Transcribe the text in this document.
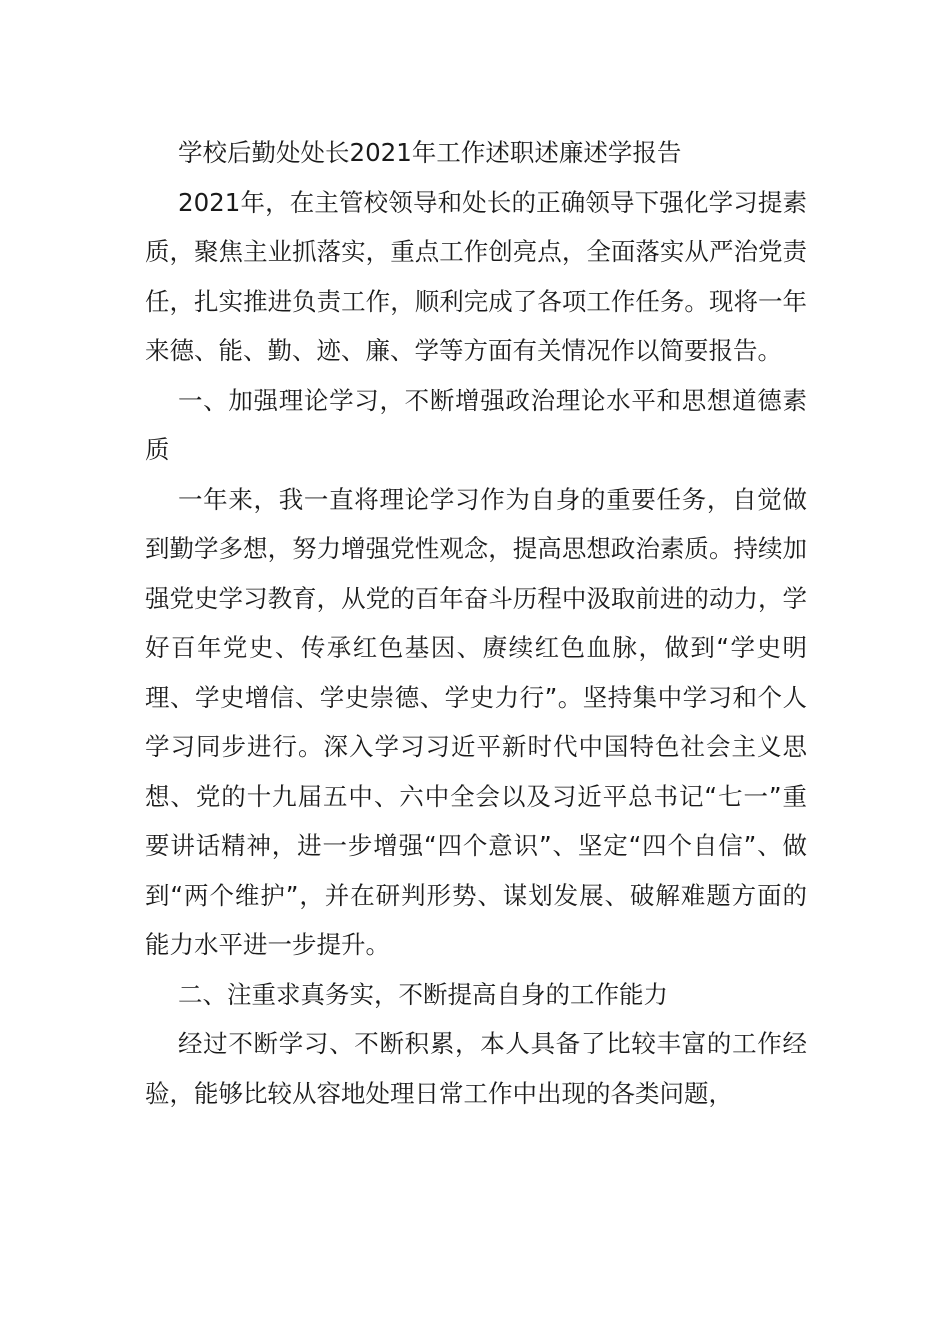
学校后勤处处长2021年工作述职述廉述学报告

2021年，在主管校领导和处长的正确领导下强化学习提素质，聚焦主业抓落实，重点工作创亮点，全面落实从严治党责任，扎实推进负责工作，顺利完成了各项工作任务。现将一年来德、能、勤、迹、廉、学等方面有关情况作以简要报告。

一、加强理论学习，不断增强政治理论水平和思想道德素质

一年来，我一直将理论学习作为自身的重要任务，自觉做到勤学多想，努力增强党性观念，提高思想政治素质。持续加强党史学习教育，从党的百年奋斗历程中汲取前进的动力，学好百年党史、传承红色基因、赓续红色血脉，做到“学史明理、学史增信、学史崇德、学史力行”。坚持集中学习和个人学习同步进行。深入学习习近平新时代中国特色社会主义思想、党的十九届五中、六中全会以及习近平总书记“七一”重要讲话精神，进一步增强“四个意识”、坚定“四个自信”、做到“两个维护”，并在研判形势、谋划发展、破解难题方面的能力水平进一步提升。

二、注重求真务实，不断提高自身的工作能力

经过不断学习、不断积累，本人具备了比较丰富的工作经验，能够比较从容地处理日常工作中出现的各类问题，
